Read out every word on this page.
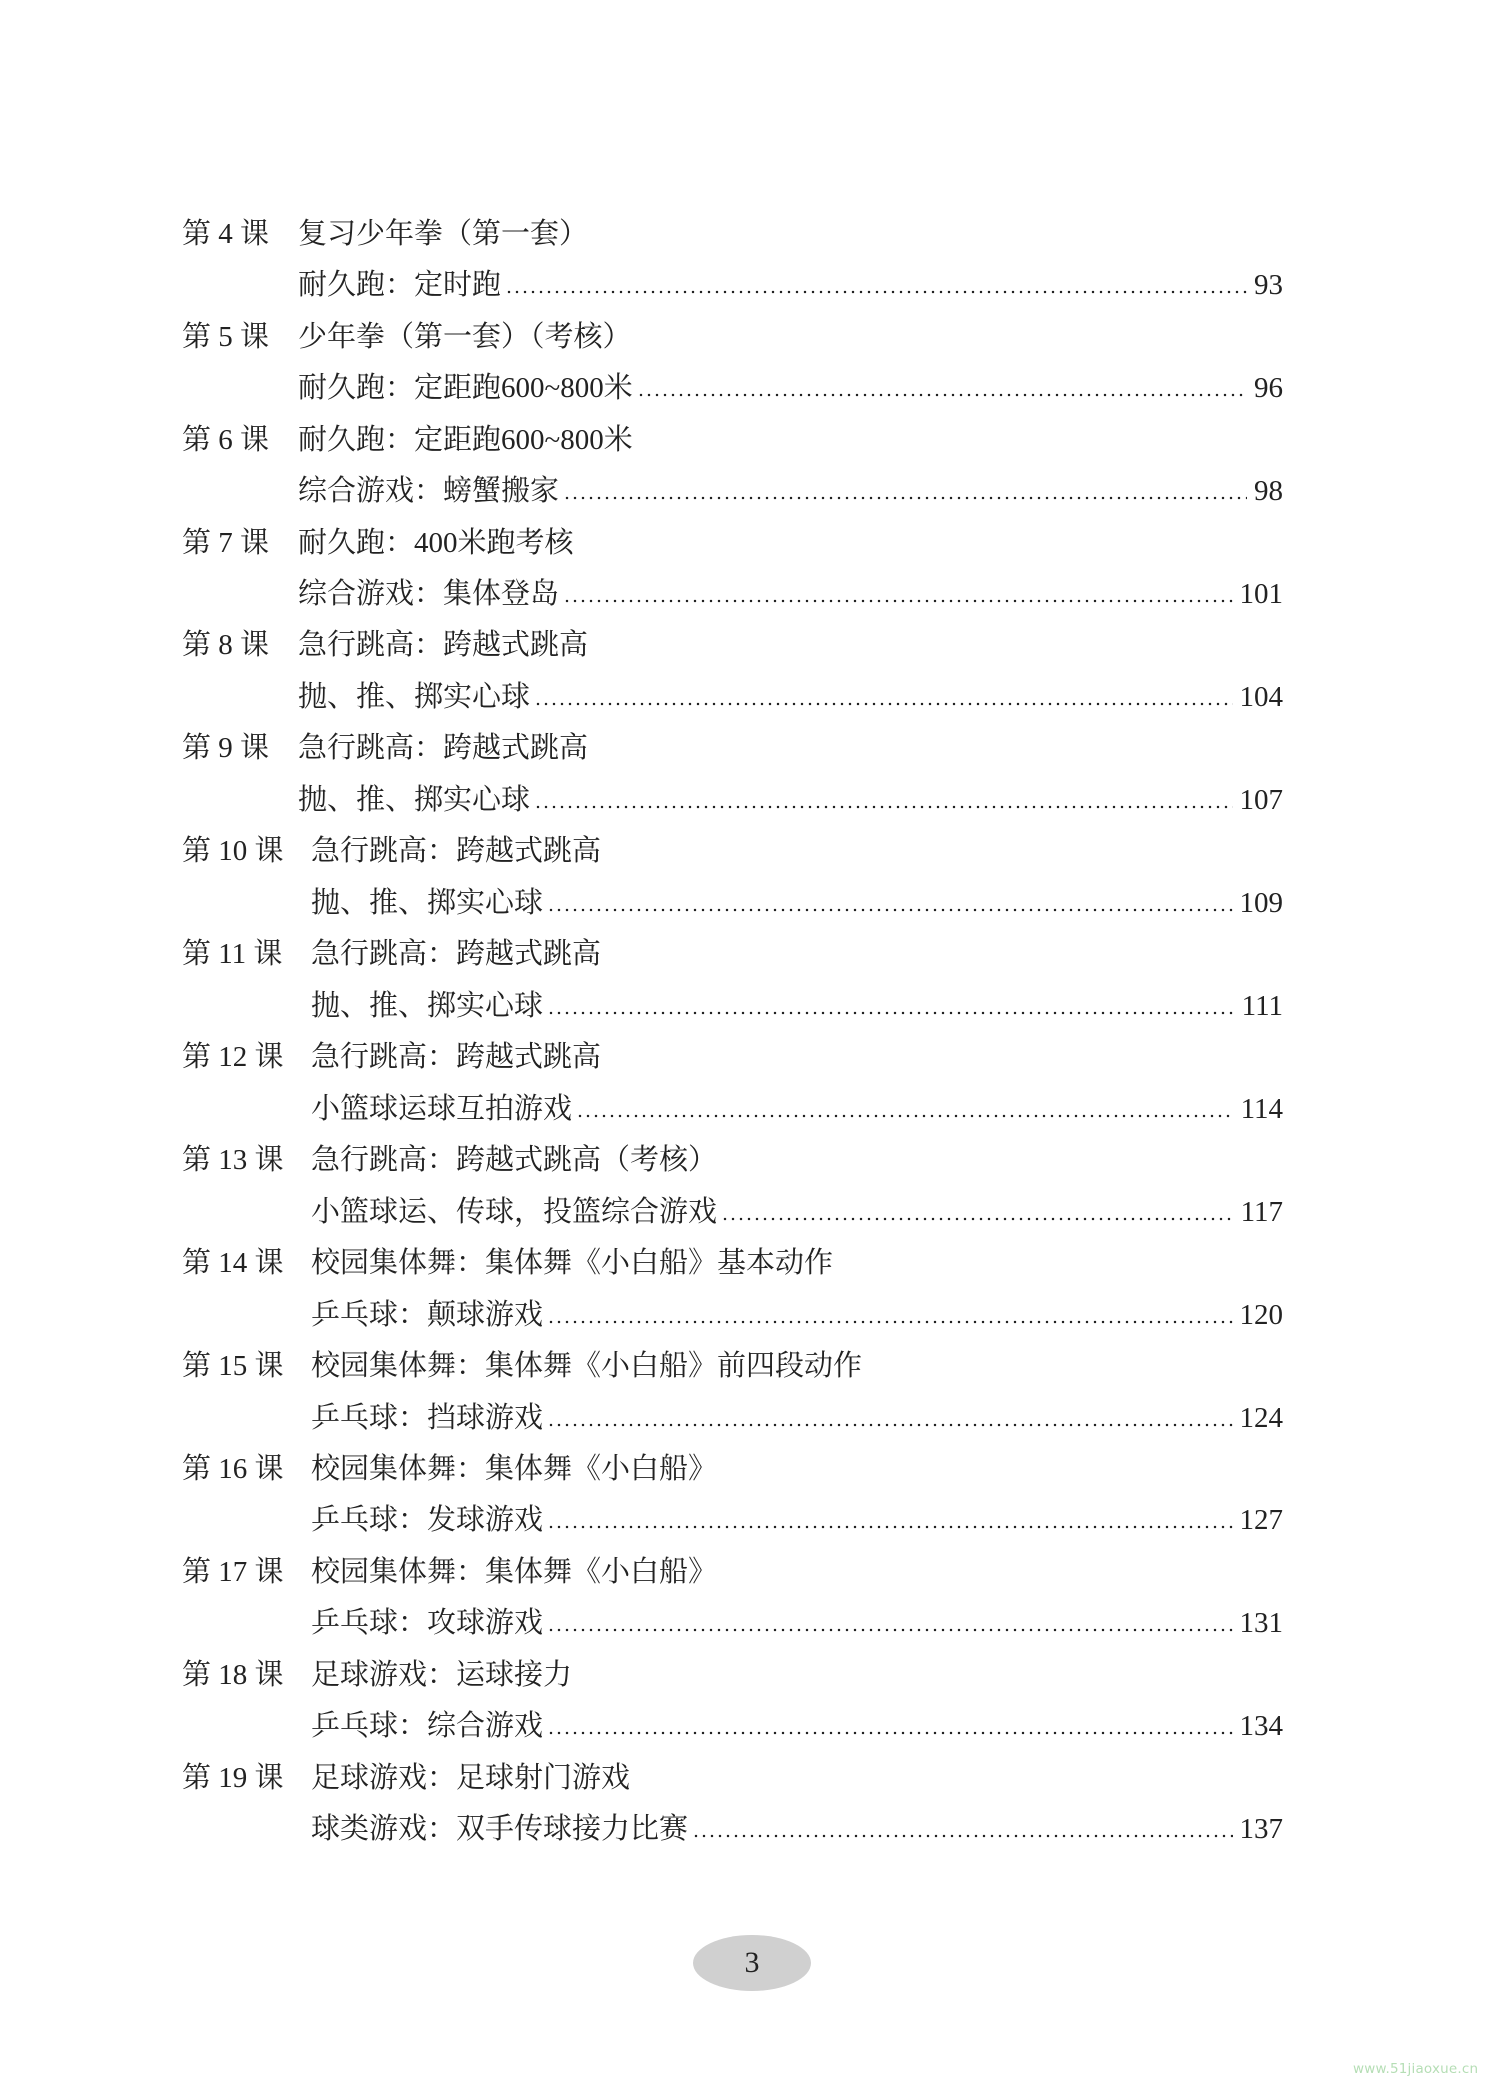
第 4 课 复习少年拳（第一套）
耐久跑：定时跑	93
第 5 课 少年拳（第一套）（考核）
耐久跑：定距跑600~800米	96
第 6 课 耐久跑：定距跑600~800米
综合游戏：螃蟹搬家	98
第 7 课 耐久跑：400米跑考核
综合游戏：集体登岛	101
第 8 课 急行跳高：跨越式跳高
抛、推、掷实心球	104
第 9 课 急行跳高：跨越式跳高
抛、推、掷实心球	107
第 10 课 急行跳高：跨越式跳高
抛、推、掷实心球	109
第 11 课 急行跳高：跨越式跳高
抛、推、掷实心球	111
第 12 课 急行跳高：跨越式跳高
小篮球运球互拍游戏	114
第 13 课 急行跳高：跨越式跳高（考核）
小篮球运、传球，投篮综合游戏	117
第 14 课 校园集体舞：集体舞《小白船》基本动作
乒乓球：颠球游戏	120
第 15 课 校园集体舞：集体舞《小白船》前四段动作
乒乓球：挡球游戏	124
第 16 课 校园集体舞：集体舞《小白船》
乒乓球：发球游戏	127
第 17 课 校园集体舞：集体舞《小白船》
乒乓球：攻球游戏	131
第 18 课 足球游戏：运球接力
乒乓球：综合游戏	134
第 19 课 足球游戏：足球射门游戏
球类游戏：双手传球接力比赛	137
3
www.51jiaoxue.cn
